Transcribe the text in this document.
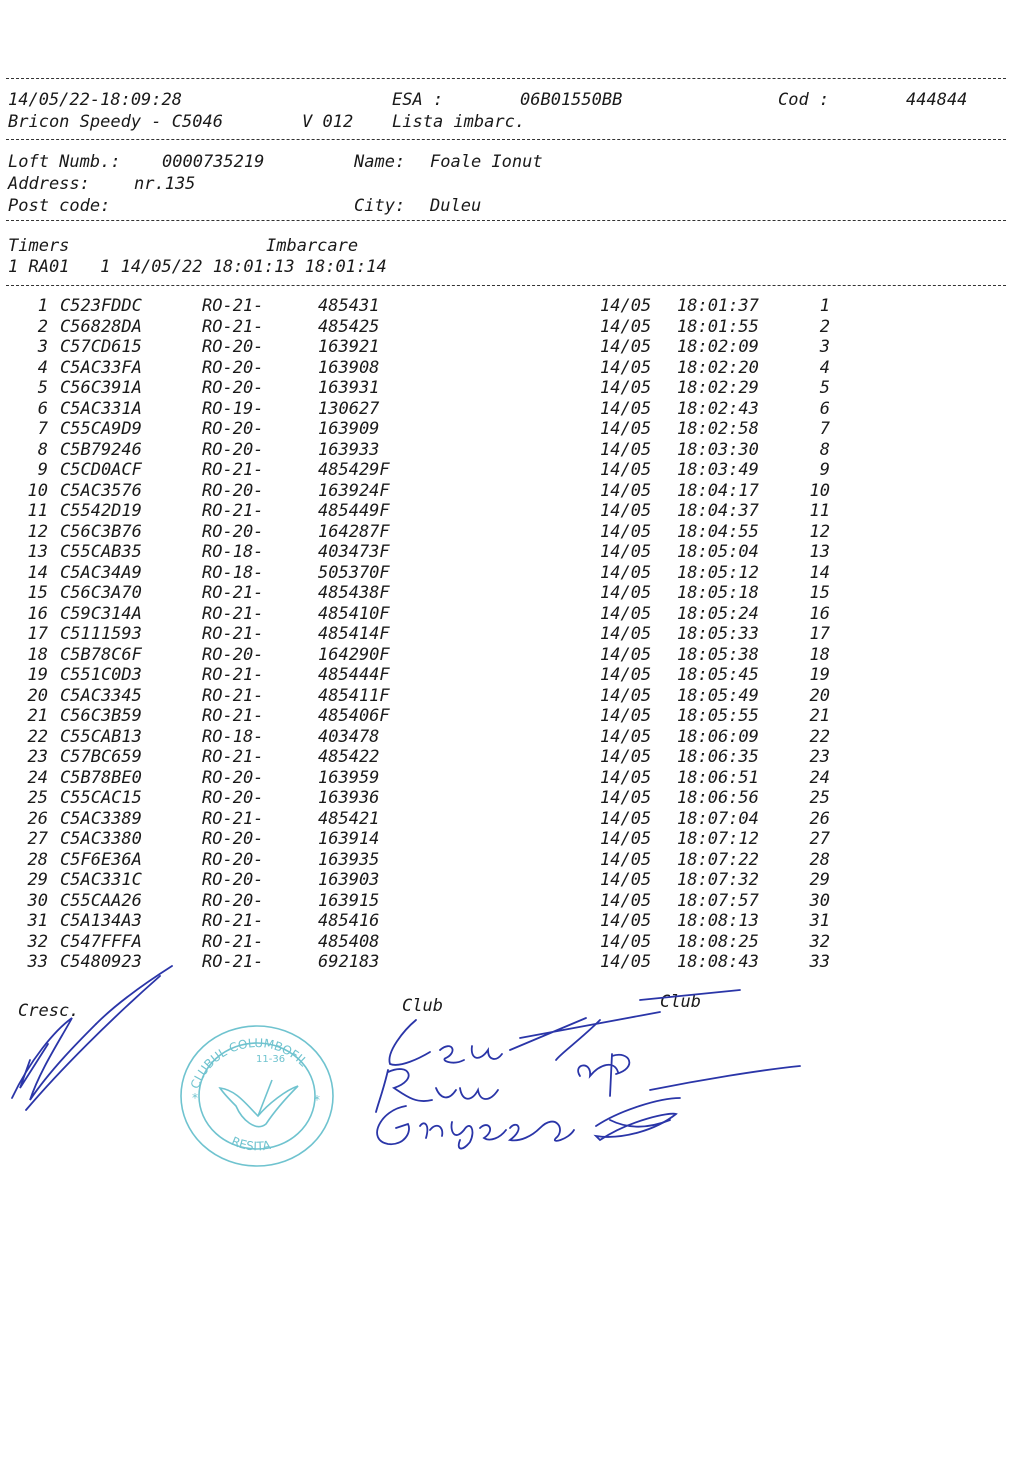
14/05/22-18:09:28	ESA :	06B01550BB	Cod :	444844
Bricon Speedy - C5046	V 012 Lista imbarc.
Loft Numb.: 0000735219	Name: Foale Ionut
Address:	nr.135
Post code:	City: Duleu
Timers	Imbarcare
1 RA01   1 14/05/22 18:01:13 18:01:14
1 C523FDDC	RO-21-	485431	14/05 18:01:37	1
2 C56828DA	RO-21-	485425	14/05 18:01:55	2
3 C57CD615	RO-20-	163921	14/05 18:02:09	3
4 C5AC33FA	RO-20-	163908	14/05 18:02:20	4
5 C56C391A	RO-20-	163931	14/05 18:02:29	5
6 C5AC331A	RO-19-	130627	14/05 18:02:43	6
7 C55CA9D9	RO-20-	163909	14/05 18:02:58	7
8 C5B79246	RO-20-	163933	14/05 18:03:30	8
9 C5CD0ACF	RO-21-	485429F	14/05 18:03:49	9
10 C5AC3576	RO-20-	163924F	14/05 18:04:17	10
11 C5542D19	RO-21-	485449F	14/05 18:04:37	11
12 C56C3B76	RO-20-	164287F	14/05 18:04:55	12
13 C55CAB35	RO-18-	403473F	14/05 18:05:04	13
14 C5AC34A9	RO-18-	505370F	14/05 18:05:12	14
15 C56C3A70	RO-21-	485438F	14/05 18:05:18	15
16 C59C314A	RO-21-	485410F	14/05 18:05:24	16
17 C5111593	RO-21-	485414F	14/05 18:05:33	17
18 C5B78C6F	RO-20-	164290F	14/05 18:05:38	18
19 C551C0D3	RO-21-	485444F	14/05 18:05:45	19
20 C5AC3345	RO-21-	485411F	14/05 18:05:49	20
21 C56C3B59	RO-21-	485406F	14/05 18:05:55	21
22 C55CAB13	RO-18-	403478	14/05 18:06:09	22
23 C57BC659	RO-21-	485422	14/05 18:06:35	23
24 C5B78BE0	RO-20-	163959	14/05 18:06:51	24
25 C55CAC15	RO-20-	163936	14/05 18:06:56	25
26 C5AC3389	RO-21-	485421	14/05 18:07:04	26
27 C5AC3380	RO-20-	163914	14/05 18:07:12	27
28 C5F6E36A	RO-20-	163935	14/05 18:07:22	28
29 C5AC331C	RO-20-	163903	14/05 18:07:32	29
30 C55CAA26	RO-20-	163915	14/05 18:07:57	30
31 C5A134A3	RO-21-	485416	14/05 18:08:13	31
32 C547FFFA	RO-21-	485408	14/05 18:08:25	32
33 C5480923	RO-21-	692183	14/05 18:08:43	33
Cresc.	Club	Club
CLUBUL COLUMBOFIL
RESITA
11-36
*	*
